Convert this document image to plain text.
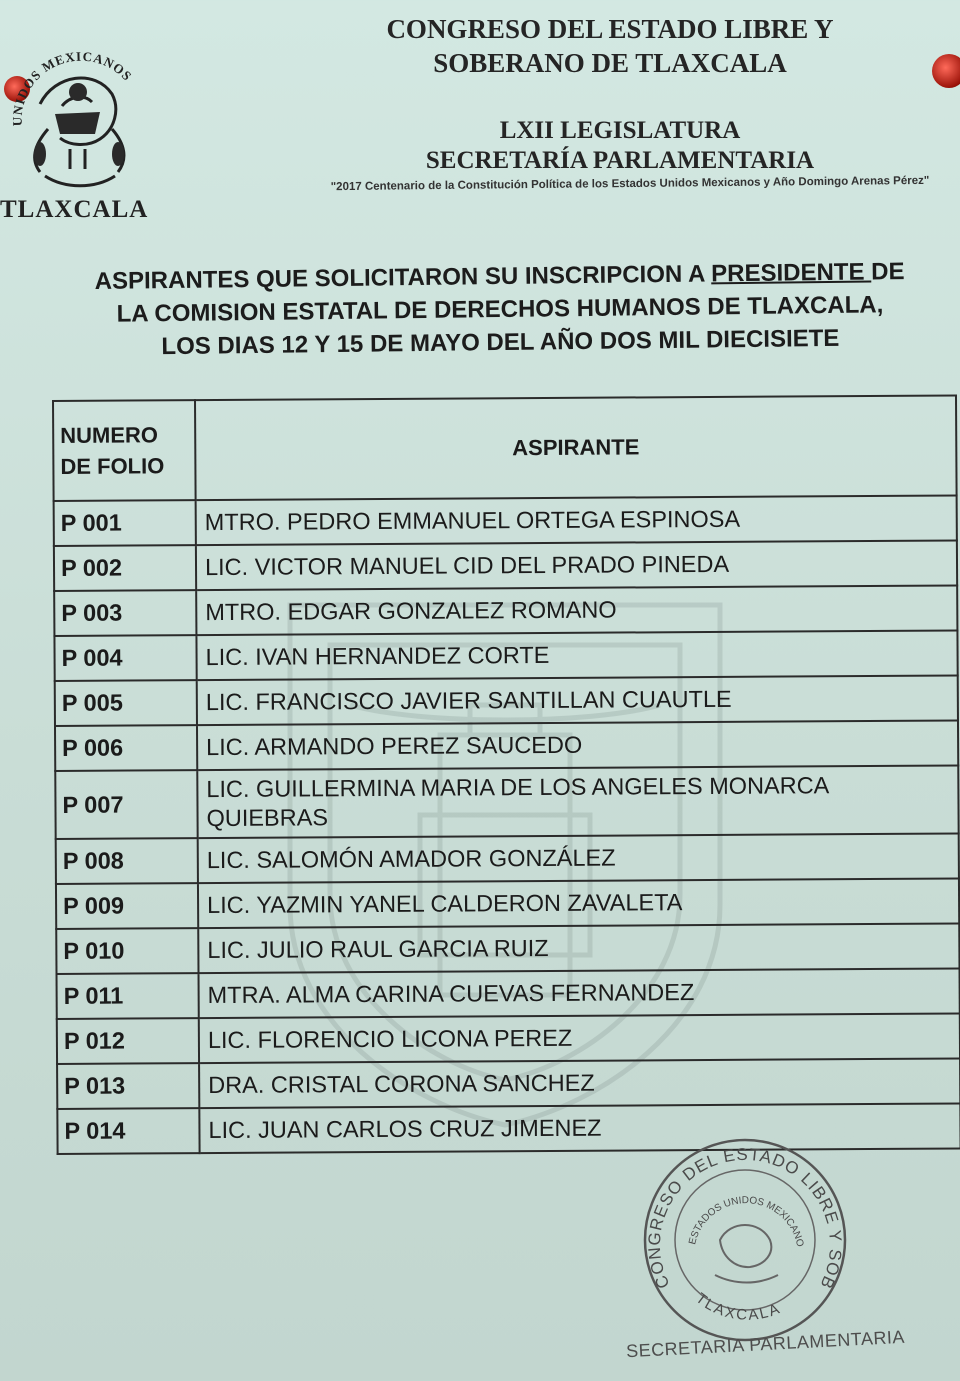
UNIDOS MEXICANOS
TLAXCALA
CONGRESO DEL ESTADO LIBRE Y
SOBERANO DE TLAXCALA
LXII LEGISLATURA
SECRETARÍA PARLAMENTARIA
"2017 Centenario de la Constitución Política de los Estados Unidos Mexicanos y Año Domingo Arenas Pérez"
ASPIRANTES QUE SOLICITARON SU INSCRIPCION A PRESIDENTE DE
LA COMISION ESTATAL DE DERECHOS HUMANOS DE TLAXCALA,
LOS DIAS 12 Y 15 DE MAYO DEL AÑO DOS MIL DIECISIETE
NUMERO
DE FOLIO	ASPIRANTE
P 001	MTRO. PEDRO EMMANUEL ORTEGA ESPINOSA
P 002	LIC. VICTOR MANUEL CID DEL PRADO PINEDA
P 003	MTRO. EDGAR GONZALEZ ROMANO
P 004	LIC. IVAN HERNANDEZ CORTE
P 005	LIC. FRANCISCO JAVIER SANTILLAN CUAUTLE
P 006	LIC. ARMANDO PEREZ SAUCEDO
P 007	LIC. GUILLERMINA MARIA DE LOS ANGELES MONARCA
QUIEBRAS

P 008	LIC. SALOMÓN AMADOR GONZÁLEZ
P 009	LIC. YAZMIN YANEL CALDERON ZAVALETA
P 010	LIC. JULIO RAUL GARCIA RUIZ
P 011	MTRA. ALMA CARINA CUEVAS FERNANDEZ
P 012	LIC. FLORENCIO LICONA PEREZ
P 013	DRA. CRISTAL CORONA SANCHEZ
P 014	LIC. JUAN CARLOS CRUZ JIMENEZ
CONGRESO DEL ESTADO LIBRE Y SOB
ESTADOS UNIDOS MEXICANO
TLAXCALA
SECRETARIA PARLAMENTARIA
